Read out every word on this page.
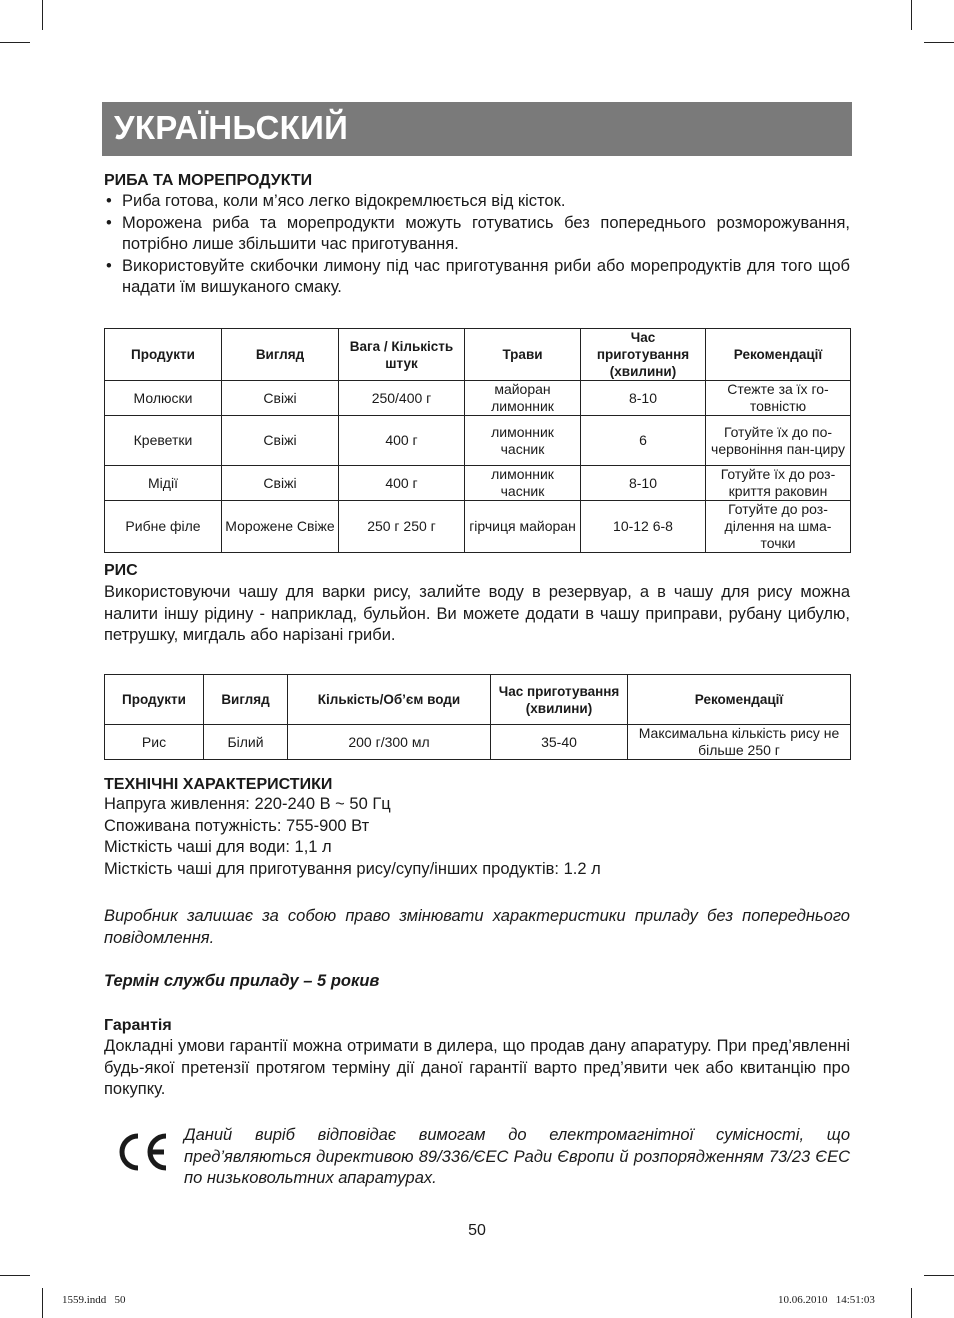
УКРАЇНЬСКИЙ

РИБА ТА МОРЕПРОДУКТИ

• Риба готова, коли м’ясо легко відокремлюється від кісток.
• Морожена риба та морепродукти можуть готуватись без попереднього розморожування, потрібно лише збільшити час приготування.
• Використовуйте скибочки лимону під час приготування риби або морепродуктів для того щоб надати їм вишуканого смаку.
Продукти	Вигляд	Вага / Кількість штук	Трави	Час приготування (хвилини)	Рекомендації
Молюски	Свіжі	250/400 г	майоран лимонник	8-10	Стежте за їх го-товністю
Креветки	Свіжі	400 г	лимонник часник	6	Готуйте їх до по-червоніння пан-циру
Мідії	Свіжі	400 г	лимонник часник	8-10	Готуйте їх до роз-криття раковин
Рибне філе	Морожене Свіже	250 г 250 г	гірчиця майоран	10-12 6-8	Готуйте до роз-ділення на шма-точки

РИС

Використовуючи чашу для варки рису, залийте воду в резервуар, а в чашу для рису можна налити іншу рідину - наприклад, бульйон. Ви можете додати в чашу приправи, рубану цибулю, петрушку, мигдаль або нарізані гриби.

Продукти	Вигляд	Кількість/Об’єм води	Час приготування (хвилини)	Рекомендації
Рис	Білий	200 г/300 мл	35-40	Максимальна кількість рису не більше 250 г

ТЕХНІЧНІ ХАРАКТЕРИСТИКИ

Напруга живлення: 220-240 В ~ 50 Гц

Споживана потужність: 755-900 Вт

Місткість чаші для води: 1,1 л

Місткість чаші для приготування рису/супу/інших продуктів: 1.2 л

Виробник залишає за собою право змінювати характеристики приладу без попереднього повідомлення.

Термін служби приладу – 5 рокив

Гарантія

Докладні умови гарантії можна отримати в дилера, що продав дану апаратуру. При пред’явленні будь-якої претензії протягом терміну дії даної гарантії варто пред’явити чек або квитанцію про покупку.

Даний виріб відповідає вимогам до електромагнітної сумісності, що пред’являються директивою 89/336/ЄЕС Ради Європи й розпорядженням 73/23 ЄЕС по низьковольтних апаратурах.

50
1559.indd   50	10.06.2010   14:51:03
